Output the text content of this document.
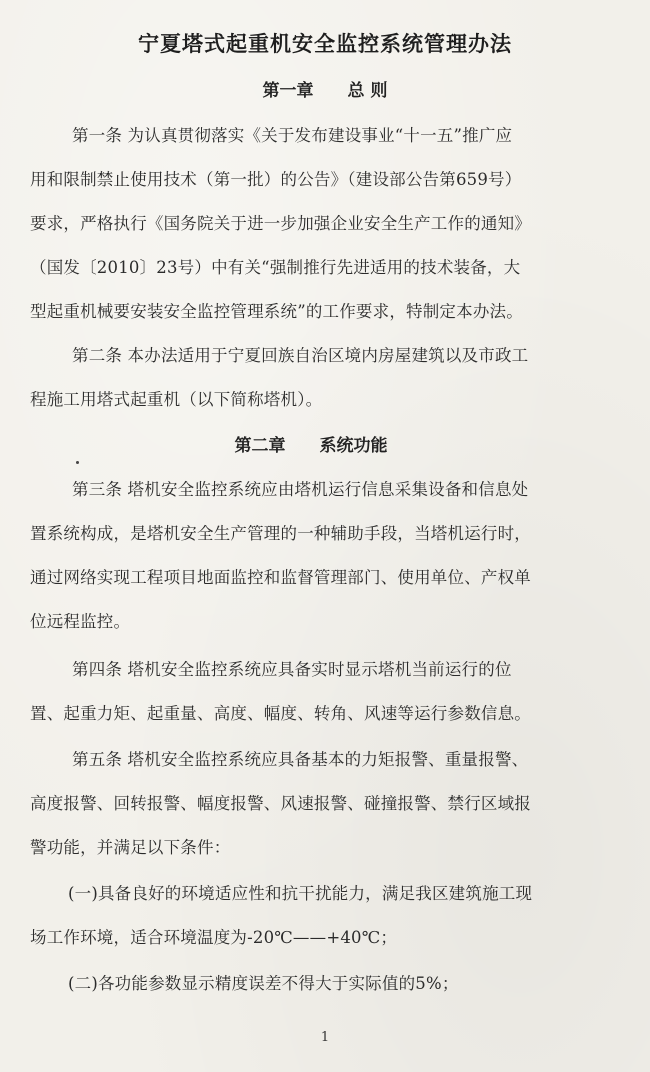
宁夏塔式起重机安全监控系统管理办法
第一章 总 则
第一条 为认真贯彻落实《关于发布建设事业“十一五”推广应
用和限制禁止使用技术（第一批）的公告》（建设部公告第659号）
要求，严格执行《国务院关于进一步加强企业安全生产工作的通知》
（国发〔2010〕23号）中有关“强制推行先进适用的技术装备，大
型起重机械要安装安全监控管理系统”的工作要求，特制定本办法。
第二条 本办法适用于宁夏回族自治区境内房屋建筑以及市政工
程施工用塔式起重机（以下简称塔机）。
第二章 系统功能
第三条 塔机安全监控系统应由塔机运行信息采集设备和信息处
置系统构成，是塔机安全生产管理的一种辅助手段，当塔机运行时，
通过网络实现工程项目地面监控和监督管理部门、使用单位、产权单
位远程监控。
第四条 塔机安全监控系统应具备实时显示塔机当前运行的位
置、起重力矩、起重量、高度、幅度、转角、风速等运行参数信息。
第五条 塔机安全监控系统应具备基本的力矩报警、重量报警、
高度报警、回转报警、幅度报警、风速报警、碰撞报警、禁行区域报
警功能，并满足以下条件：
(一)具备良好的环境适应性和抗干扰能力，满足我区建筑施工现
场工作环境，适合环境温度为-20℃——+40℃；
(二)各功能参数显示精度误差不得大于实际值的5%；
1
